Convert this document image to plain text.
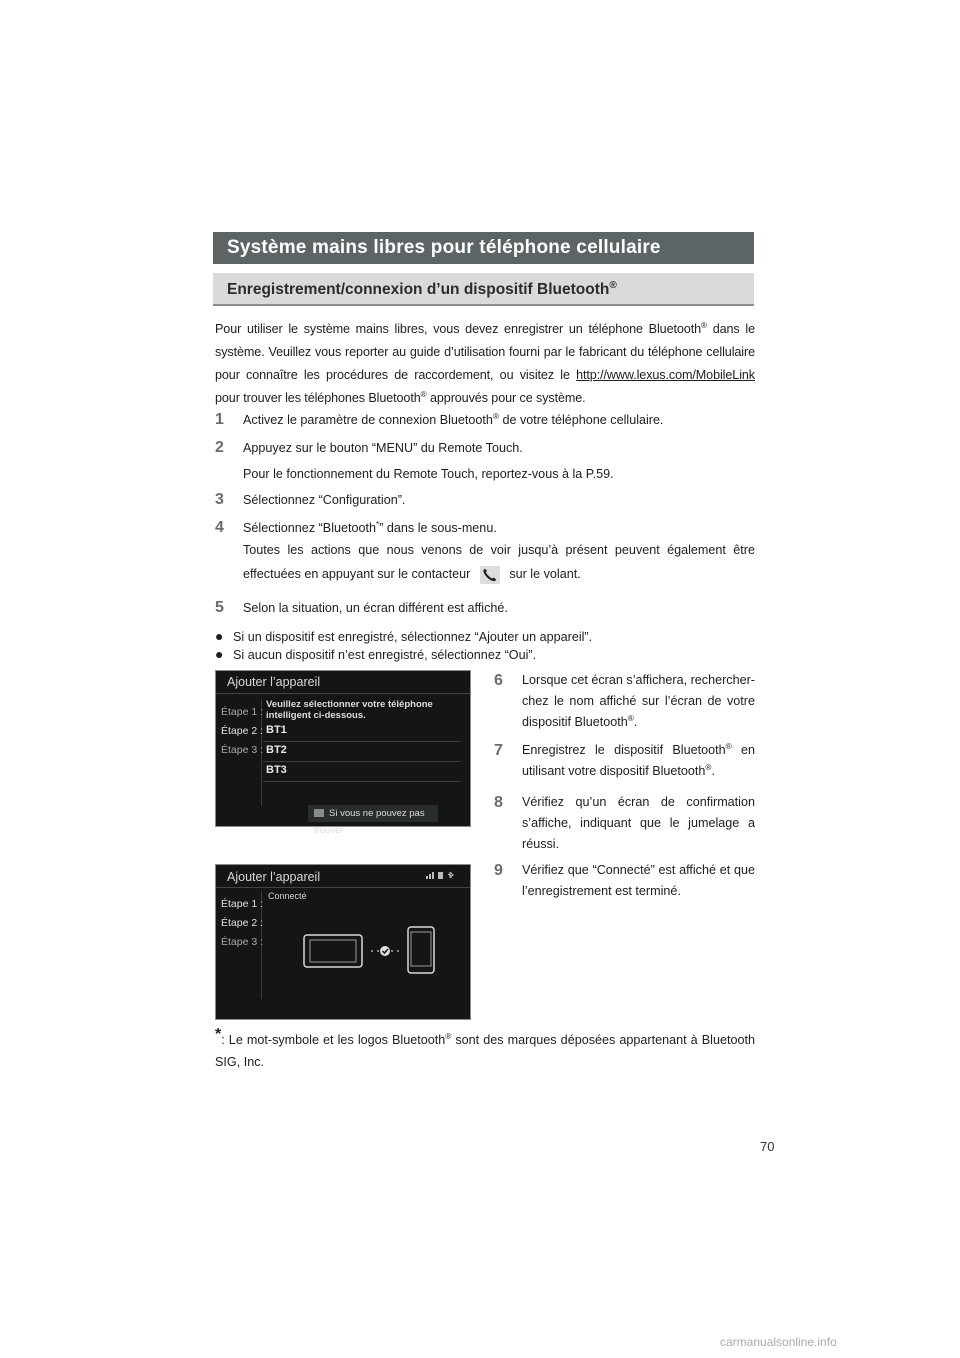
Système mains libres pour téléphone cellulaire
Enregistrement/connexion d’un dispositif Bluetooth®
Pour utiliser le système mains libres, vous devez enregistrer un téléphone Bluetooth® dans le système. Veuillez vous reporter au guide d’utilisation fourni par le fabricant du téléphone cellulaire pour connaître les procédures de raccordement, ou visitez le http://www.lexus.com/MobileLink pour trouver les téléphones Bluetooth® approuvés pour ce système.
1 Activez le paramètre de connexion Bluetooth® de votre téléphone cellulaire.
2 Appuyez sur le bouton “MENU” du Remote Touch.
Pour le fonctionnement du Remote Touch, reportez-vous à la P.59.
3 Sélectionnez “Configuration”.
4 Sélectionnez “Bluetooth*” dans le sous-menu.
Toutes les actions que nous venons de voir jusqu’à présent peuvent également être effectuées en appuyant sur le contacteur	sur le volant.
5 Selon la situation, un écran différent est affiché.
● Si un dispositif est enregistré, sélectionnez “Ajouter un appareil”.
● Si aucun dispositif n’est enregistré, sélectionnez “Oui”.
Ajouter l’appareil
Étape 1 :
Étape 2 :
Étape 3 :
Veuillez sélectionner votre téléphone intelligent ci-dessous.
BT1
BT2
BT3
Si vous ne pouvez pas trouver
Ajouter l’appareil
Étape 1 :
Étape 2 :
Étape 3 :
Connecté
6	Lorsque cet écran s’affichera, rechercher-chez le nom affiché sur l’écran de votre dispositif Bluetooth®.
7	Enregistrez le dispositif Bluetooth® en utilisant votre dispositif Bluetooth®.
8	Vérifiez qu’un écran de confirmation s’affiche, indiquant que le jumelage a réussi.
9	Vérifiez que “Connecté” est affiché et que l’enregistrement est terminé.
*: Le mot-symbole et les logos Bluetooth® sont des marques déposées appartenant à Bluetooth SIG, Inc.
70
carmanualsonline.info
